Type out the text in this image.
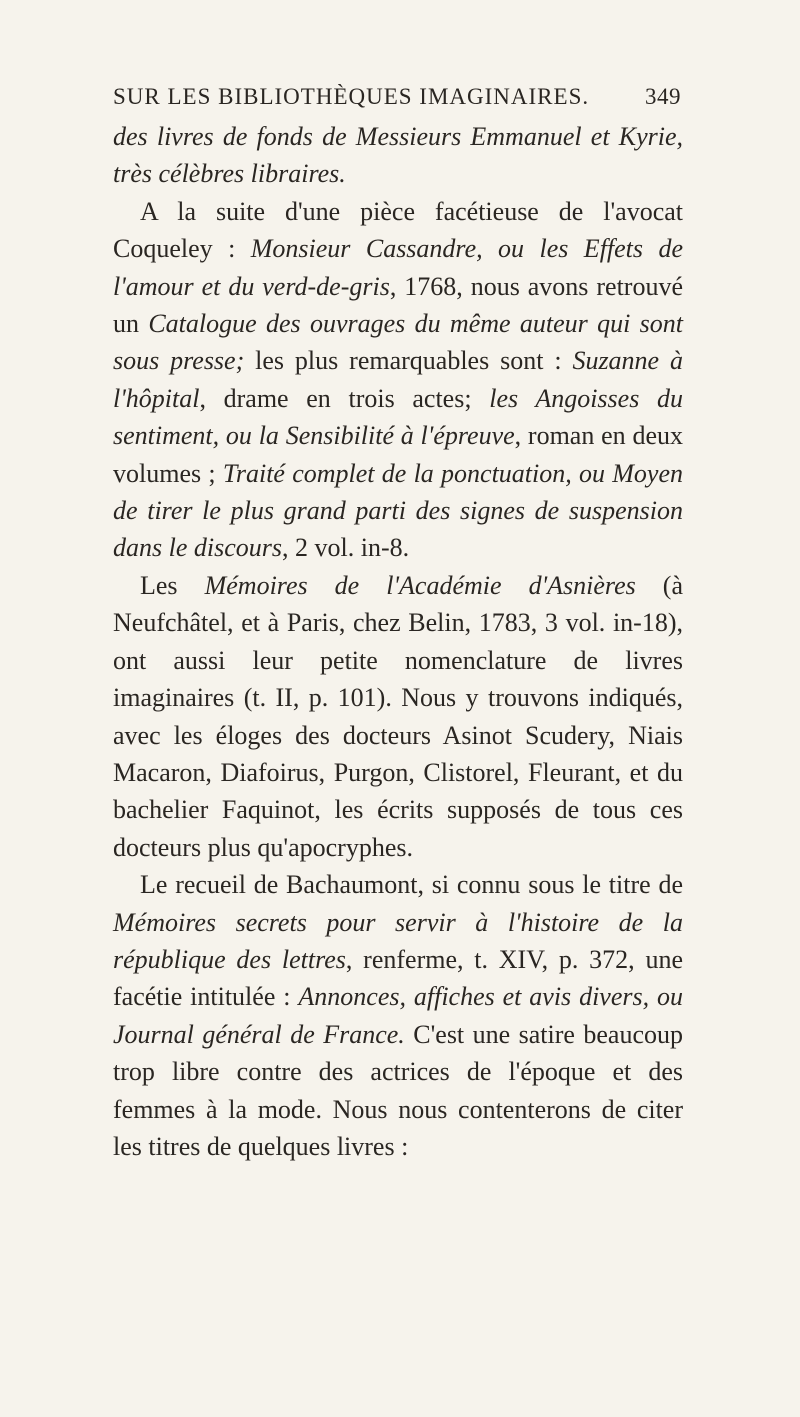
SUR LES BIBLIOTHÈQUES IMAGINAIRES. 349

des livres de fonds de Messieurs Emmanuel et Kyrie, très célèbres libraires.

A la suite d'une pièce facétieuse de l'avocat Coqueley : Monsieur Cassandre, ou les Effets de l'amour et du verd-de-gris, 1768, nous avons retrouvé un Catalogue des ouvrages du même auteur qui sont sous presse; les plus remarquables sont : Suzanne à l'hôpital, drame en trois actes; les Angoisses du sentiment, ou la Sensibilité à l'épreuve, roman en deux volumes ; Traité complet de la ponctuation, ou Moyen de tirer le plus grand parti des signes de suspension dans le discours, 2 vol. in-8.

Les Mémoires de l'Académie d'Asnières (à Neufchâtel, et à Paris, chez Belin, 1783, 3 vol. in-18), ont aussi leur petite nomenclature de livres imaginaires (t. II, p. 101). Nous y trouvons indiqués, avec les éloges des docteurs Asinot Scudery, Niais Macaron, Diafoirus, Purgon, Clistorel, Fleurant, et du bachelier Faquinot, les écrits supposés de tous ces docteurs plus qu'apocryphes.

Le recueil de Bachaumont, si connu sous le titre de Mémoires secrets pour servir à l'histoire de la république des lettres, renferme, t. XIV, p. 372, une facétie intitulée : Annonces, affiches et avis divers, ou Journal général de France. C'est une satire beaucoup trop libre contre des actrices de l'époque et des femmes à la mode. Nous nous contenterons de citer les titres de quelques livres :
